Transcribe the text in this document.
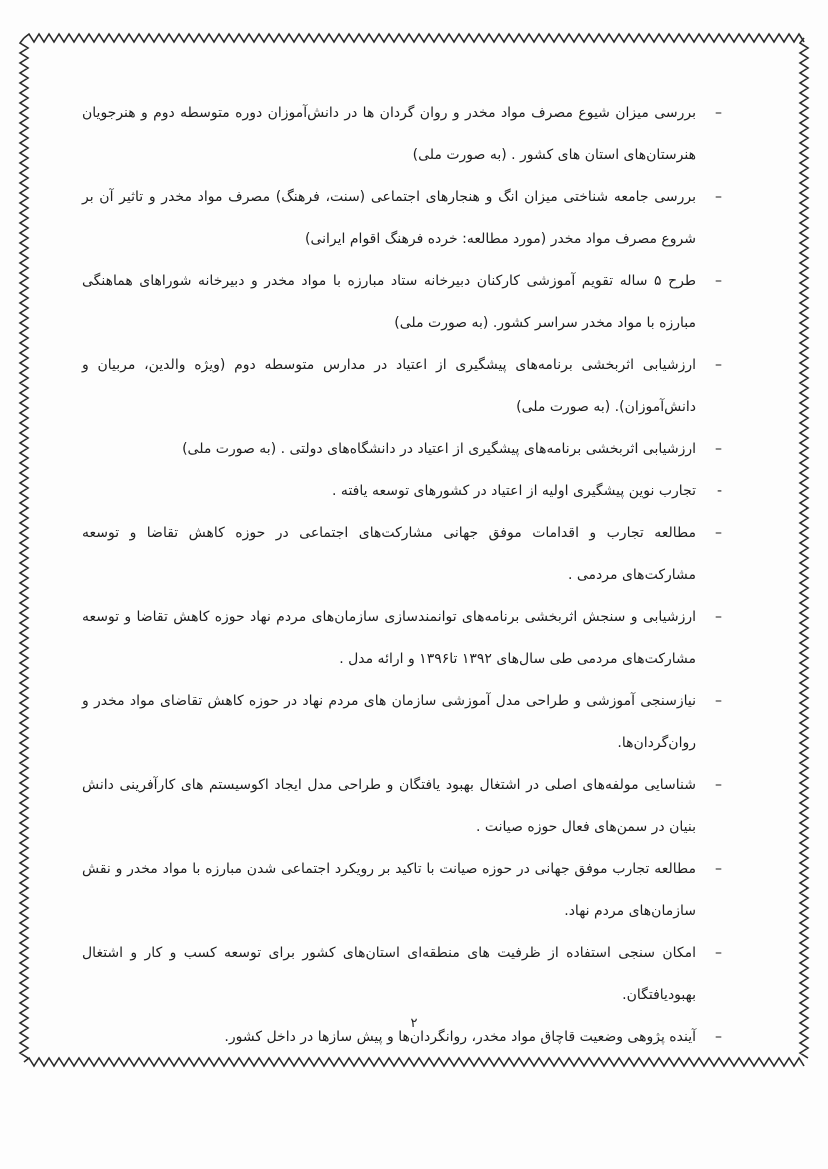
–
بررسی میزان شیوع مصرف مواد مخدر و روان گردان ها در دانش‌آموزان دوره متوسطه دوم و هنرجویان هنرستان‌های استان های کشور . (به صورت ملی)
–
بررسی جامعه شناختی میزان انگ و هنجارهای اجتماعی (سنت، فرهنگ) مصرف مواد مخدر و تاثیر آن بر شروع مصرف مواد مخدر (مورد مطالعه: خرده فرهنگ اقوام ایرانی)
–
طرح ۵ ساله تقویم آموزشی کارکنان دبیرخانه ستاد مبارزه با مواد مخدر و دبیرخانه شوراهای هماهنگی مبارزه با مواد مخدر سراسر کشور. (به صورت ملی)
–
ارزشیابی اثربخشی برنامه‌های پیشگیری از اعتیاد در مدارس متوسطه دوم (ویژه والدین، مربیان و دانش‌آموزان). (به صورت ملی)
–
ارزشیابی اثربخشی برنامه‌های پیشگیری از اعتیاد در دانشگاه‌های دولتی . (به صورت ملی)
-
تجارب نوین پیشگیری اولیه از اعتیاد در کشورهای توسعه یافته .
–
مطالعه تجارب و اقدامات موفق جهانی مشارکت‌های اجتماعی در حوزه کاهش تقاضا و توسعه مشارکت‌های مردمی .
–
ارزشیابی و سنجش اثربخشی برنامه‌های توانمندسازی سازمان‌های مردم نهاد حوزه کاهش تقاضا و توسعه مشارکت‌های مردمی طی سال‌های ۱۳۹۲ تا۱۳۹۶ و ارائه مدل .
–
نیازسنجی آموزشی و طراحی مدل آموزشی سازمان های مردم نهاد در حوزه کاهش تقاضای مواد مخدر و روان‌گردان‌ها.
–
شناسایی مولفه‌های اصلی در اشتغال بهبود یافتگان و طراحی مدل ایجاد اکوسیستم های کارآفرینی دانش بنیان در سمن‌های فعال حوزه صیانت .
–
مطالعه تجارب موفق جهانی در حوزه صیانت با تاکید بر رویکرد اجتماعی شدن مبارزه با مواد مخدر و نقش سازمان‌های مردم نهاد.
–
امکان سنجی استفاده از ظرفیت های منطقه‌ای استان‌های کشور برای توسعه کسب و کار و اشتغال بهبودیافتگان.
–
آینده پژوهی وضعیت قاچاق مواد مخدر، روانگردان‌ها و پیش سازها در داخل کشور.
۲
